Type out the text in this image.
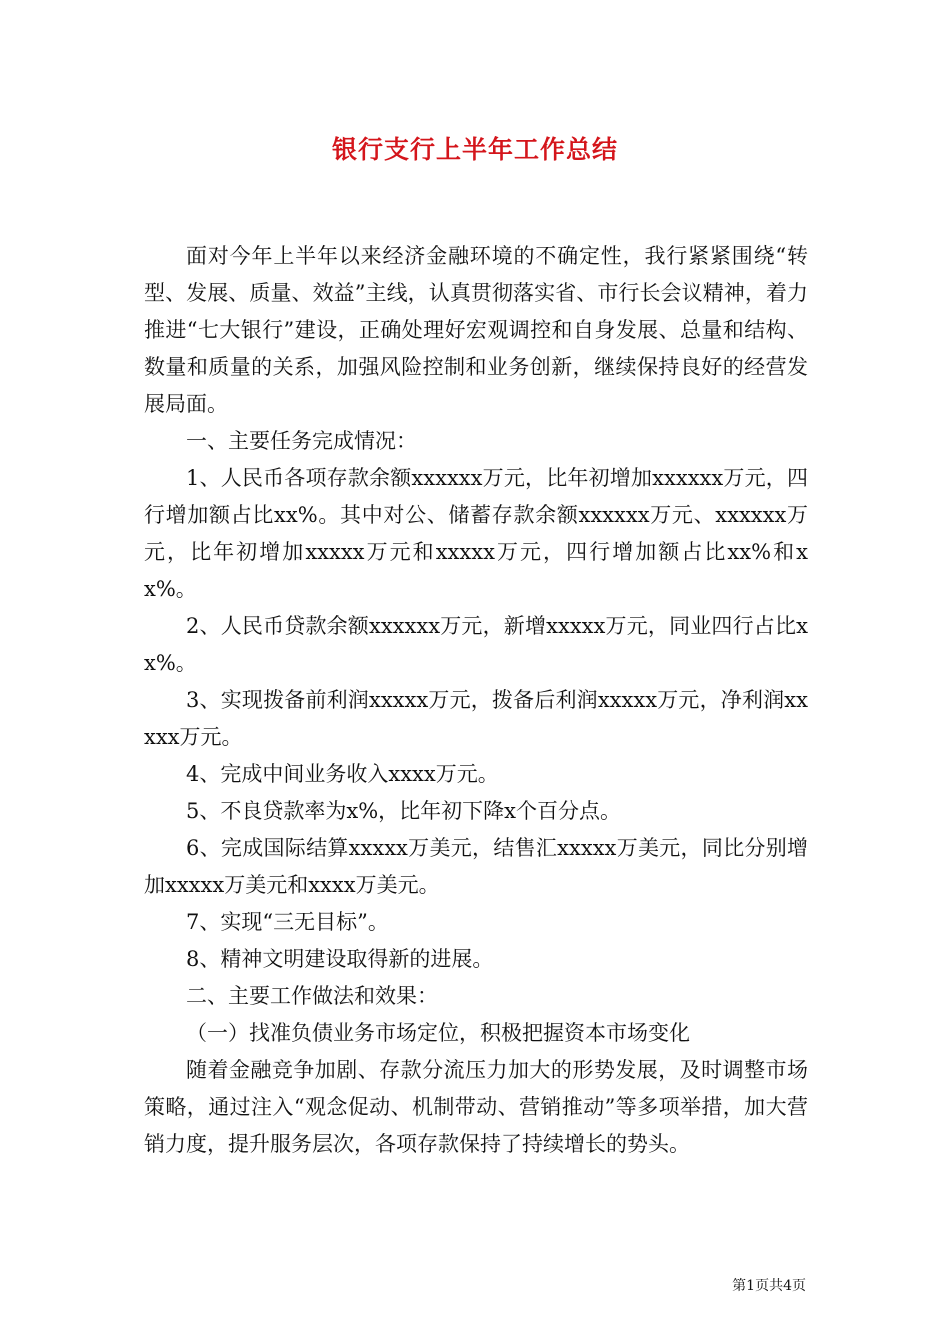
银行支行上半年工作总结

面对今年上半年以来经济金融环境的不确定性，我行紧紧围绕“转型、发展、质量、效益”主线，认真贯彻落实省、市行长会议精神，着力推进“七大银行”建设，正确处理好宏观调控和自身发展、总量和结构、数量和质量的关系，加强风险控制和业务创新，继续保持良好的经营发展局面。

一、主要任务完成情况：

1、人民币各项存款余额xxxxxx万元，比年初增加xxxxxx万元，四行增加额占比xx%。其中对公、储蓄存款余额xxxxxx万元、xxxxxx万元，比年初增加xxxxx万元和xxxxx万元，四行增加额占比xx%和xx%。

2、人民币贷款余额xxxxxx万元，新增xxxxx万元，同业四行占比xx%。

3、实现拨备前利润xxxxx万元，拨备后利润xxxxx万元，净利润xxxxx万元。

4、完成中间业务收入xxxx万元。

5、不良贷款率为x%，比年初下降x个百分点。

6、完成国际结算xxxxx万美元，结售汇xxxxx万美元，同比分别增加xxxxx万美元和xxxx万美元。

7、实现“三无目标”。

8、精神文明建设取得新的进展。

二、主要工作做法和效果：

（一）找准负债业务市场定位，积极把握资本市场变化

随着金融竞争加剧、存款分流压力加大的形势发展，及时调整市场策略，通过注入“观念促动、机制带动、营销推动”等多项举措，加大营销力度，提升服务层次，各项存款保持了持续增长的势头。

第1页共4页
